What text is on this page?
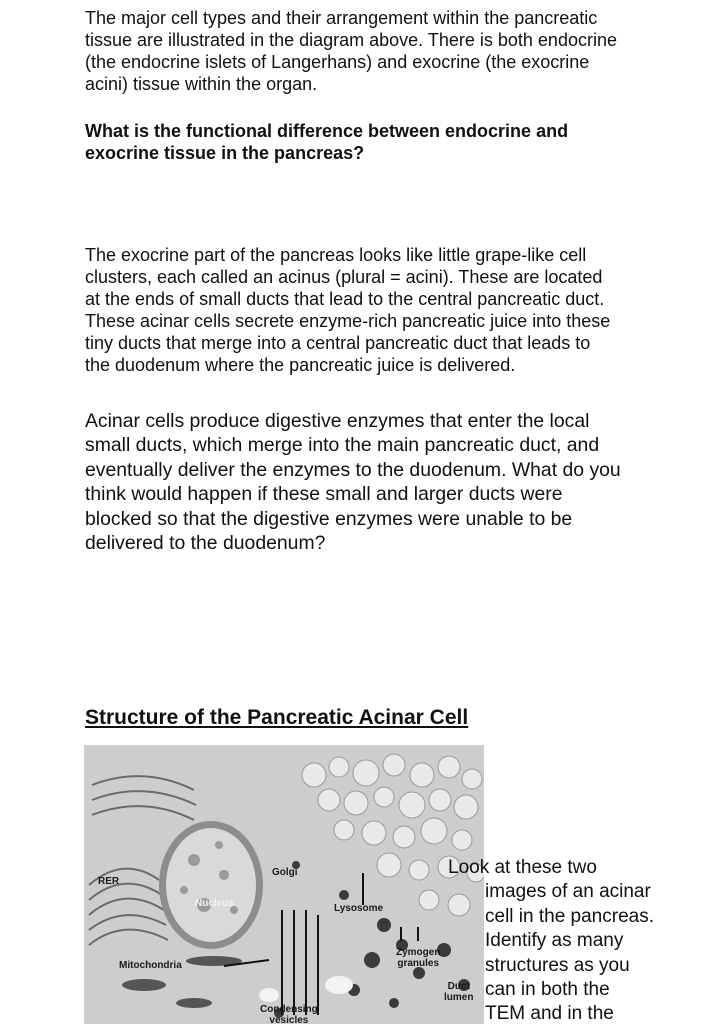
The major cell types and their arrangement within the pancreatic
tissue are illustrated in the diagram above. There is both endocrine
(the endocrine islets of Langerhans) and exocrine (the exocrine
acini) tissue within the organ.

What is the functional difference between endocrine and
exocrine tissue in the pancreas?

The exocrine part of the pancreas looks like little grape-like cell
clusters, each called an acinus (plural = acini). These are located
at the ends of small ducts that lead to the central pancreatic duct.
These acinar cells secrete enzyme-rich pancreatic juice into these
tiny ducts that merge into a central pancreatic duct that leads to
the duodenum where the pancreatic juice is delivered.

Acinar cells produce digestive enzymes that enter the local
small ducts, which merge into the main pancreatic duct, and
eventually deliver the enzymes to the duodenum. What do you
think would happen if these small and larger ducts were
blocked so that the digestive enzymes were unable to be
delivered to the duodenum?

Structure of the Pancreatic Acinar Cell
RER
Golgi
Nucleus	Lysosome
Mitochondria
Zymogen
granules
Duct
lumen
Condensing
vesicles

Look at these two
images of an acinar
cell in the pancreas.
Identify as many
structures as you
can in both the
TEM and in the
